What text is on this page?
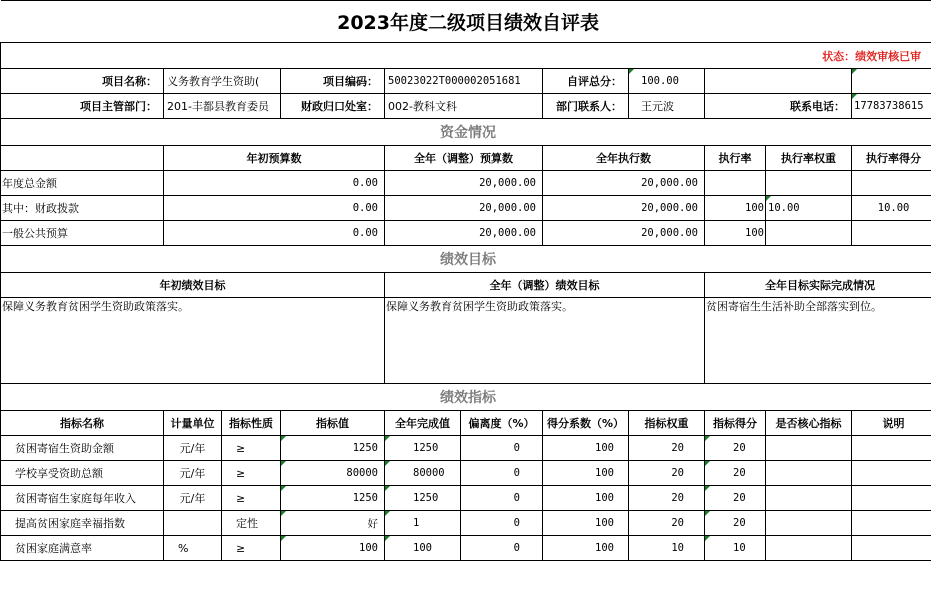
2023年度二级项目绩效自评表										
状态：绩效审核已审										
项目名称：	义务教育学生资助(		项目编码：	50023022T000002051681		自评总分：	100.00			
项目主管部门：	201-丰都县教育委员		财政归口处室：	002-教科文科		部门联系人：	王元波	联系电话：		17783738615
资金情况										
	年初预算数			全年（调整）预算数		全年执行数		执行率	执行率权重	执行率得分
年度总金额	0.00			20,000.00		20,000.00				
其中：财政拨款	0.00			20,000.00		20,000.00		100	10.00	10.00
一般公共预算	0.00			20,000.00		20,000.00		100		
绩效目标										
年初绩效目标				全年（调整）绩效目标				全年目标实际完成情况		
保障义务教育贫困学生资助政策落实。				保障义务教育贫困学生资助政策落实。				贫困寄宿生生活补助全部落实到位。		
绩效指标										
指标名称	计量单位	指标性质	指标值	全年完成值	偏离度（%）	得分系数（%）	指标权重	指标得分	是否核心指标	说明
贫困寄宿生资助金额	元/年	≥	1250	1250	0	100	20	20		
学校享受资助总额	元/年	≥	80000	80000	0	100	20	20		
贫困寄宿生家庭每年收入	元/年	≥	1250	1250	0	100	20	20		
提高贫困家庭幸福指数		定性	好	1	0	100	20	20		
贫困家庭满意率	%	≥	100	100	0	100	10	10		
